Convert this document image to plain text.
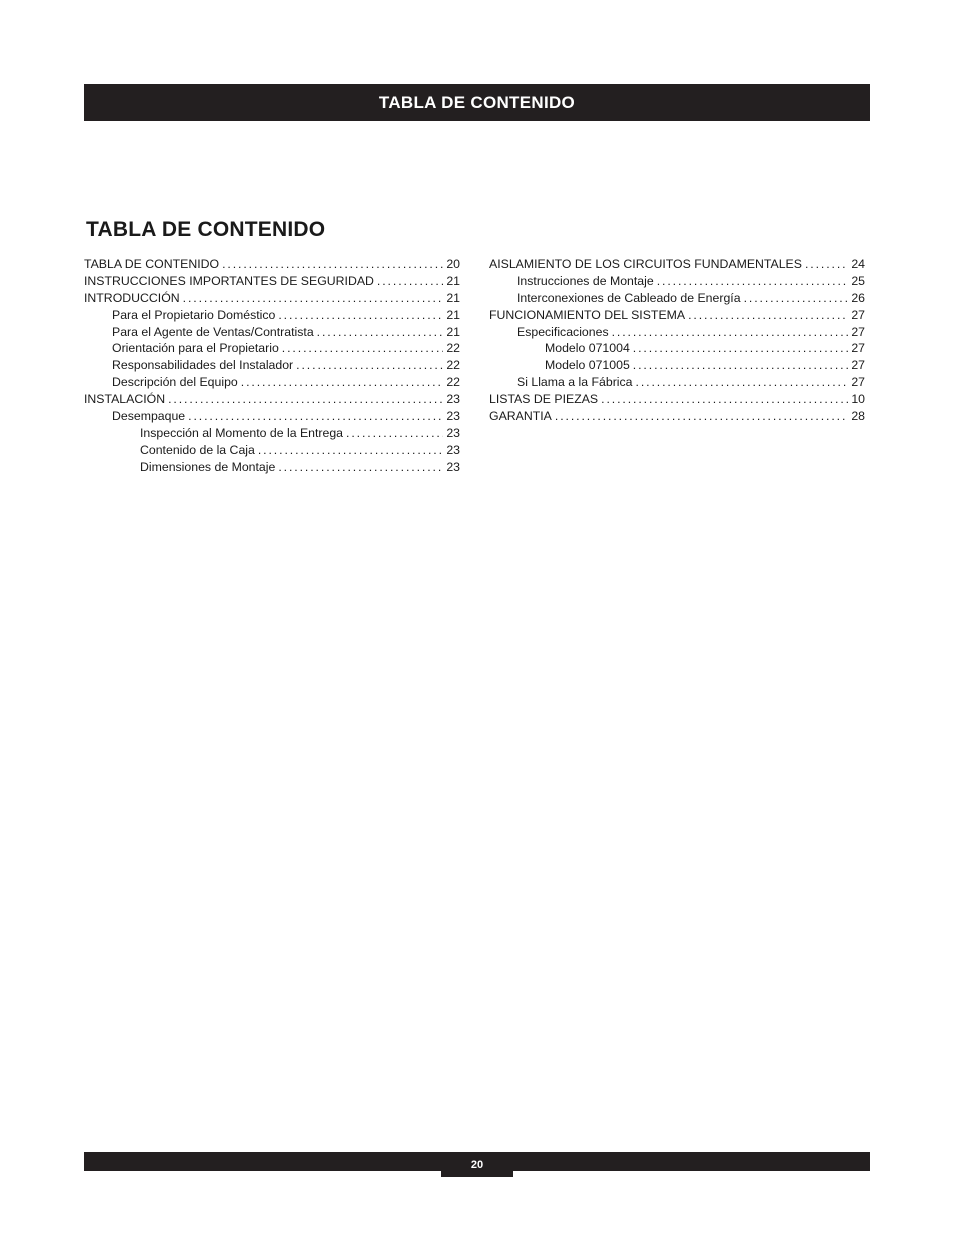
TABLA DE CONTENIDO
TABLA DE CONTENIDO
TABLA DE CONTENIDO .....	20
INSTRUCCIONES IMPORTANTES DE SEGURIDAD .....	21
INTRODUCCIÓN .....	21
Para el Propietario Doméstico .....	21
Para el Agente de Ventas/Contratista .....	21
Orientación para el Propietario .....	22
Responsabilidades del Instalador .....	22
Descripción del Equipo .....	22
INSTALACIÓN .....	23
Desempaque .....	23
Inspección al Momento de la Entrega .....	23
Contenido de la Caja .....	23
Dimensiones de Montaje .....	23
AISLAMIENTO DE LOS CIRCUITOS FUNDAMENTALES .....	24
Instrucciones de Montaje .....	25
Interconexiones de Cableado de Energía .....	26
FUNCIONAMIENTO DEL SISTEMA .....	27
Especificaciones .....	27
Modelo 071004 .....	27
Modelo 071005 .....	27
Si Llama a la Fábrica .....	27
LISTAS DE PIEZAS .....	10
GARANTIA .....	28
20
